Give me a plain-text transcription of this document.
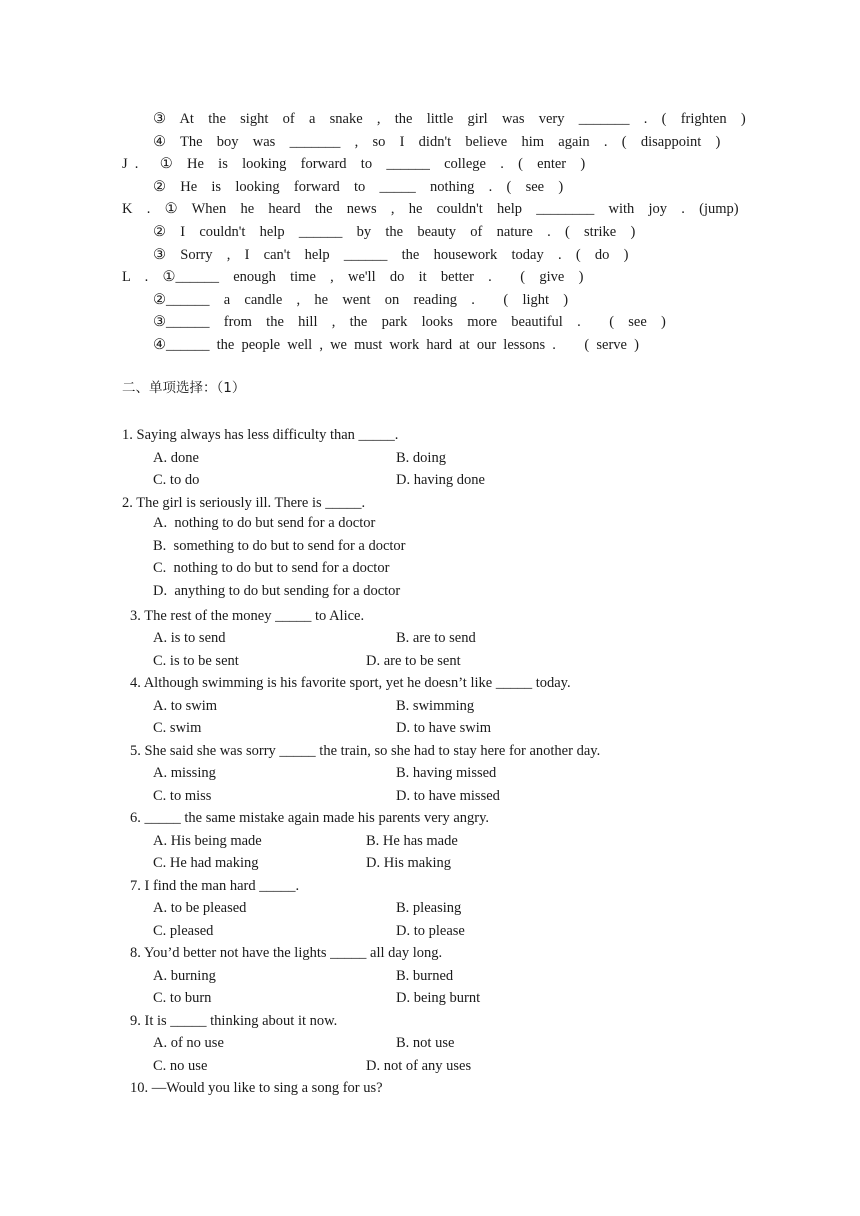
③  At  the  sight  of  a  snake  ,  the  little  girl  was  very  _______  .  (  frighten  )
④  The  boy  was  _______  ,  so  I  didn't  believe  him  again  .  (  disappoint  )
J .   ①  He  is  looking  forward  to  ______  college  .  (  enter  )
②  He  is  looking  forward  to  _____  nothing  .  (  see  )
K  .  ①  When  he  heard  the  news  ,  he  couldn't  help  ________  with  joy  .  (jump)
②  I  couldn't  help  ______  by  the  beauty  of  nature  .  (  strike  )
③  Sorry  ,  I  can't  help  ______  the  housework  today  .  (  do  )
L  .  ①______  enough  time  ,  we'll  do  it  better  .    (  give  )
②______  a  candle  ,  he  went  on  reading  .    (  light  )
③______  from  the  hill  ,  the  park  looks  more  beautiful  .    (  see  )
④______ the people well , we must work hard at our lessons .    ( serve )
二、单项选择：（1）
1. Saying always has less difficulty than _____.
A. done	B. doing
C. to do	D. having done
2. The girl is seriously ill. There is _____.
A.  nothing to do but send for a doctor
B.  something to do but to send for a doctor
C.  nothing to do but to send for a doctor
D.  anything to do but sending for a doctor
3. The rest of the money _____ to Alice.
A. is to send	B. are to send
C. is to be sent	D. are to be sent
4. Although swimming is his favorite sport, yet he doesn’t like _____ today.
A. to swim	B. swimming
C. swim	D. to have swim
5. She said she was sorry _____ the train, so she had to stay here for another day.
A. missing	B. having missed
C. to miss	D. to have missed
6. _____ the same mistake again made his parents very angry.
A. His being made	B. He has made
C. He had making	D. His making
7. I find the man hard _____.
A. to be pleased	B. pleasing
C. pleased	D. to please
8. You’d better not have the lights _____ all day long.
A. burning	B. burned
C. to burn	D. being burnt
9. It is _____ thinking about it now.
A. of no use	B. not use
C. no use	D. not of any uses
10. —Would you like to sing a song for us?
